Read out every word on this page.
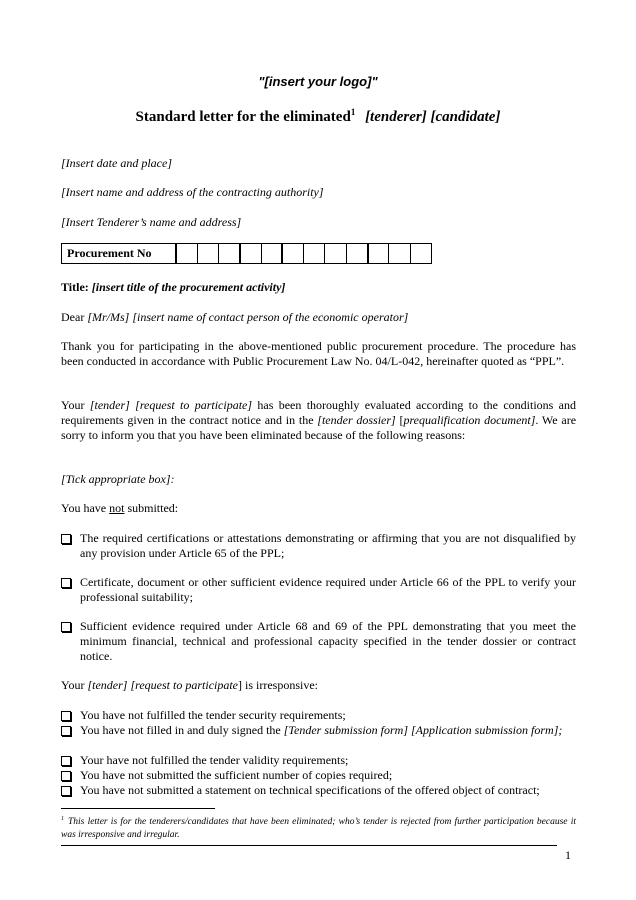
"[insert your logo]"
Standard letter for the eliminated$^1$ [tenderer] [candidate]
[Insert date and place]
[Insert name and address of the contracting authority]
[Insert Tenderer’s name and address]
Procurement No												
Title: [insert title of the procurement activity]
Dear [Mr/Ms] [insert name of contact person of the economic operator]
Thank you for participating in the above-mentioned public procurement procedure. The procedure has been conducted in accordance with Public Procurement Law No. 04/L-042, hereinafter quoted as “PPL”.
Your [tender] [request to participate] has been thoroughly evaluated according to the conditions and requirements given in the contract notice and in the [tender dossier] [prequalification document]. We are sorry to inform you that you have been eliminated because of the following reasons:
[Tick appropriate box]:
You have not submitted:
The required certifications or attestations demonstrating or affirming that you are not disqualified by any provision under Article 65 of the PPL;
Certificate, document or other sufficient evidence required under Article 66 of the PPL to verify your professional suitability;
Sufficient evidence required under Article 68 and 69 of the PPL demonstrating that you meet the minimum financial, technical and professional capacity specified in the tender dossier or contract notice.
Your [tender] [request to participate] is irresponsive:
You have not fulfilled the tender security requirements;
You have not filled in and duly signed the [Tender submission form] [Application submission form];
Your have not fulfilled the tender validity requirements;
You have not submitted the sufficient number of copies required;
You have not submitted a statement on technical specifications of the offered object of contract;
$^1$ This letter is for the tenderers/candidates that have been eliminated; who’s tender is rejected from further participation because it was irresponsive and irregular.
1
